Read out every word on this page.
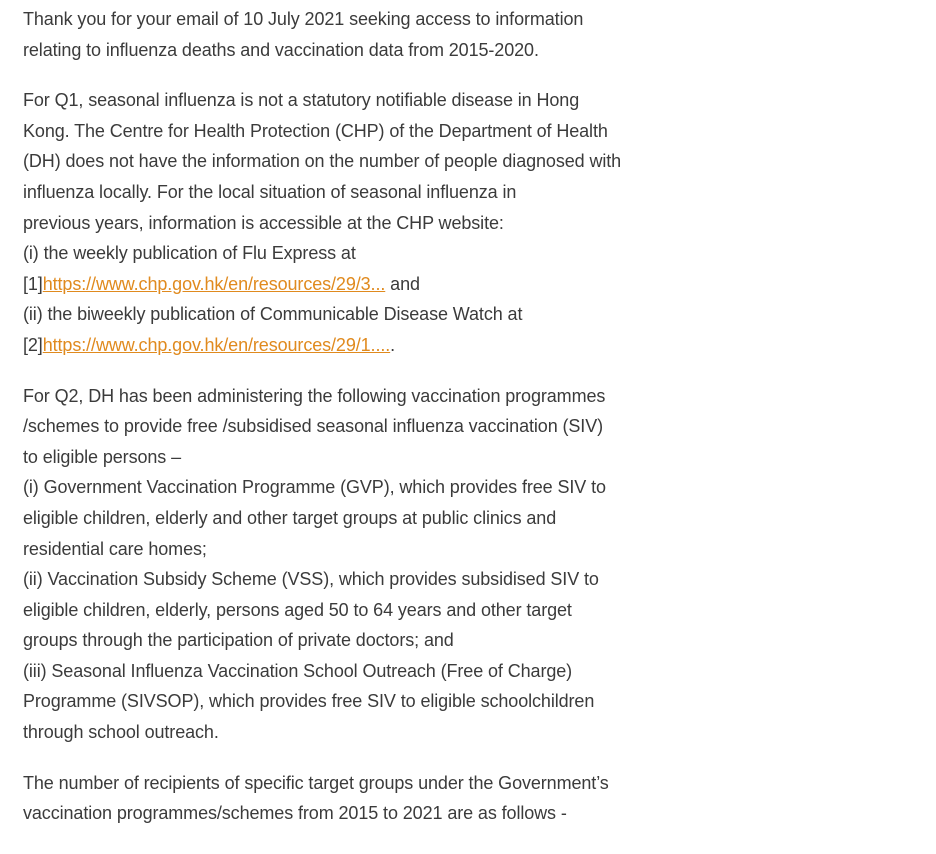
Thank you for your email of 10 July 2021 seeking access to information
relating to influenza deaths and vaccination data from 2015-2020.

For Q1, seasonal influenza is not a statutory notifiable disease in Hong
Kong. The Centre for Health Protection (CHP) of the Department of Health
(DH) does not have the information on the number of people diagnosed with
influenza locally. For the local situation of seasonal influenza in
previous years, information is accessible at the CHP website:
(i) the weekly publication of Flu Express at
[1]https://www.chp.gov.hk/en/resources/29/3... and
(ii) the biweekly publication of Communicable Disease Watch at
[2]https://www.chp.gov.hk/en/resources/29/1.....

For Q2, DH has been administering the following vaccination programmes
/schemes to provide free /subsidised seasonal influenza vaccination (SIV)
to eligible persons –
(i) Government Vaccination Programme (GVP), which provides free SIV to
eligible children, elderly and other target groups at public clinics and
residential care homes;
(ii) Vaccination Subsidy Scheme (VSS), which provides subsidised SIV to
eligible children, elderly, persons aged 50 to 64 years and other target
groups through the participation of private doctors; and
(iii) Seasonal Influenza Vaccination School Outreach (Free of Charge)
Programme (SIVSOP), which provides free SIV to eligible schoolchildren
through school outreach.

The number of recipients of specific target groups under the Government’s
vaccination programmes/schemes from 2015 to 2021 are as follows -
